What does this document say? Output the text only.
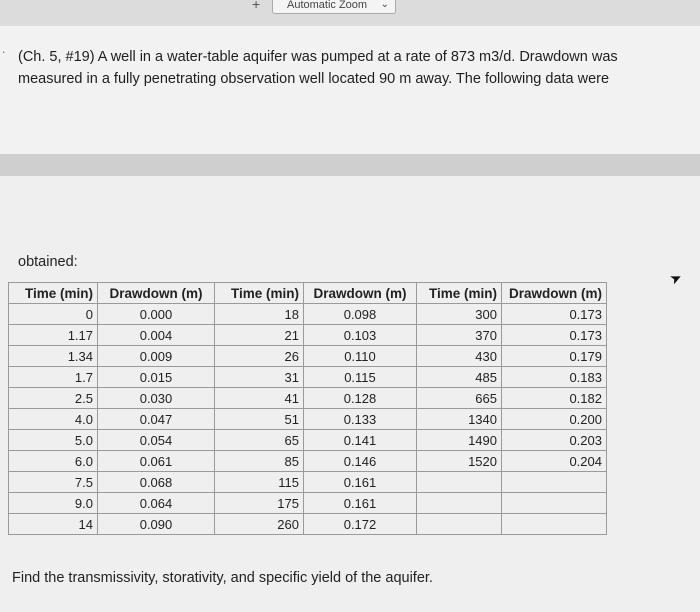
+	Automatic Zoom ⌄
. (Ch. 5, #19) A well in a water-table aquifer was pumped at a rate of 873 m3/d. Drawdown was measured in a fully penetrating observation well located 90 m away. The following data were
obtained:
➤
Time (min)	Drawdown (m)	Time (min)	Drawdown (m)	Time (min)	Drawdown (m)
0	0.000	18	0.098	300	0.173
1.17	0.004	21	0.103	370	0.173
1.34	0.009	26	0.110	430	0.179
1.7	0.015	31	0.115	485	0.183
2.5	0.030	41	0.128	665	0.182
4.0	0.047	51	0.133	1340	0.200
5.0	0.054	65	0.141	1490	0.203
6.0	0.061	85	0.146	1520	0.204
7.5	0.068	115	0.161		
9.0	0.064	175	0.161		
14	0.090	260	0.172		
Find the transmissivity, storativity, and specific yield of the aquifer.
